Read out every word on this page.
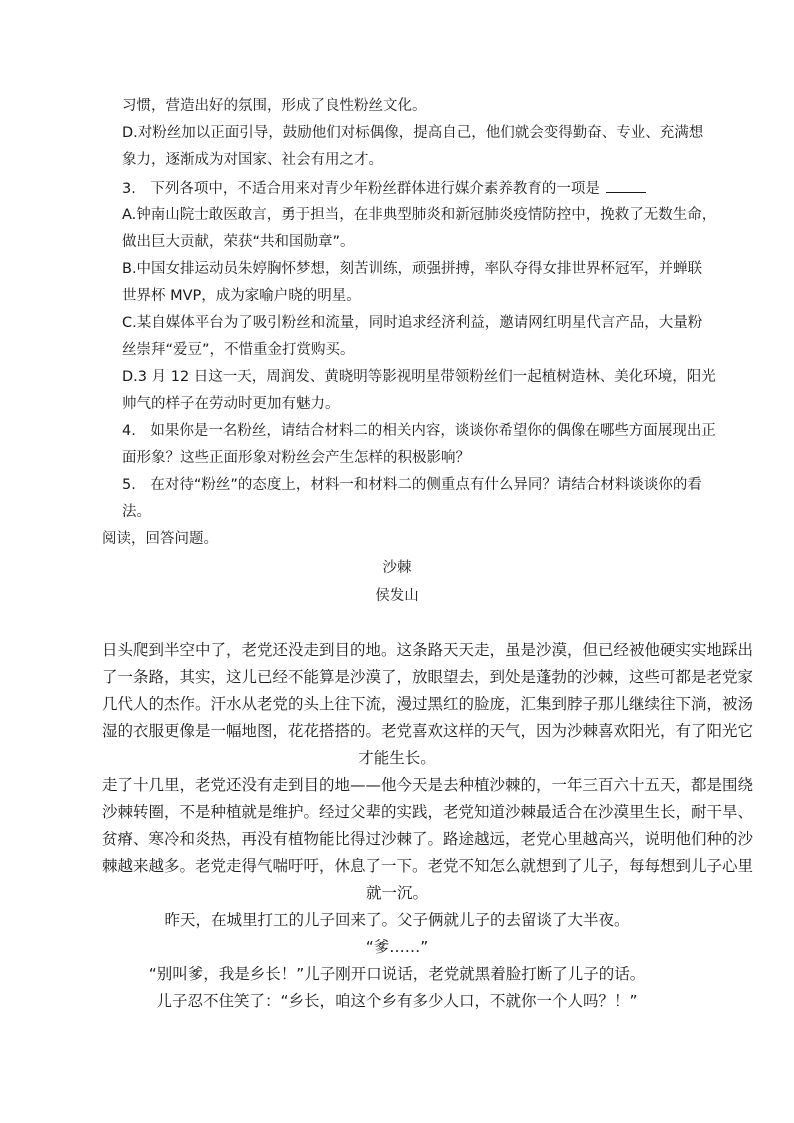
习惯，营造出好的氛围，形成了良性粉丝文化。
D.对粉丝加以正面引导，鼓励他们对标偶像，提高自己，他们就会变得勤奋、专业、充满想
象力，逐渐成为对国家、社会有用之才。
3.　下列各项中，不适合用来对青少年粉丝群体进行媒介素养教育的一项是
A.钟南山院士敢医敢言，勇于担当，在非典型肺炎和新冠肺炎疫情防控中，挽救了无数生命，
做出巨大贡献，荣获“共和国勋章”。
B.中国女排运动员朱婷胸怀梦想，刻苦训练，顽强拼搏，率队夺得女排世界杯冠军，并蝉联
世界杯 MVP，成为家喻户晓的明星。
C.某自媒体平台为了吸引粉丝和流量，同时追求经济利益，邀请网红明星代言产品，大量粉
丝崇拜“爱豆”，不惜重金打赏购买。
D.3 月 12 日这一天，周润发、黄晓明等影视明星带领粉丝们一起植树造林、美化环境，阳光
帅气的样子在劳动时更加有魅力。
4.　如果你是一名粉丝，请结合材料二的相关内容，谈谈你希望你的偶像在哪些方面展现出正
面形象？这些正面形象对粉丝会产生怎样的积极影响？
5.　在对待“粉丝”的态度上，材料一和材料二的侧重点有什么异同？请结合材料谈谈你的看
法。
阅读，回答问题。
沙棘
侯发山
日头爬到半空中了，老党还没走到目的地。这条路天天走，虽是沙漠，但已经被他硬实实地踩出
了一条路，其实，这儿已经不能算是沙漠了，放眼望去，到处是蓬勃的沙棘，这些可都是老党家
几代人的杰作。汗水从老党的头上往下流，漫过黑红的脸庞，汇集到脖子那儿继续往下淌，被汤
湿的衣服更像是一幅地图，花花搭搭的。老党喜欢这样的天气，因为沙棘喜欢阳光，有了阳光它
才能生长。
走了十几里，老党还没有走到目的地——他今天是去种植沙棘的，一年三百六十五天，都是围绕
沙棘转圈，不是种植就是维护。经过父辈的实践，老党知道沙棘最适合在沙漠里生长，耐干旱、
贫瘠、寒冷和炎热，再没有植物能比得过沙棘了。路途越远，老党心里越高兴，说明他们种的沙
棘越来越多。老党走得气喘吁吁，休息了一下。老党不知怎么就想到了儿子，每每想到儿子心里
就一沉。
昨天，在城里打工的儿子回来了。父子俩就儿子的去留谈了大半夜。
“爹……”
“别叫爹，我是乡长！”儿子刚开口说话，老党就黑着脸打断了儿子的话。
儿子忍不住笑了：“乡长，咱这个乡有多少人口，不就你一个人吗？！”
